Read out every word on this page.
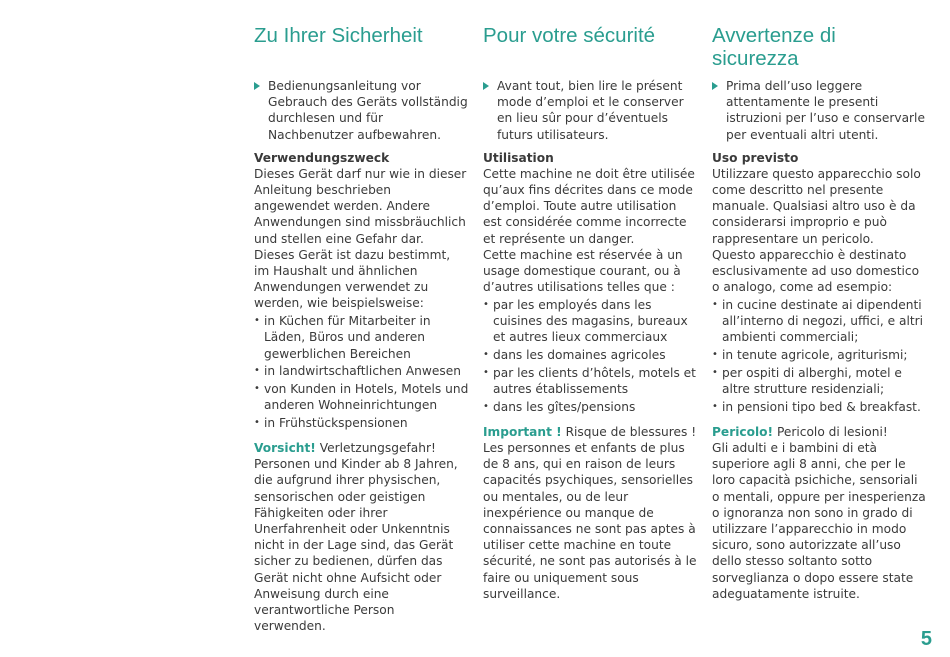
Zu Ihrer Sicherheit
Bedienungsanleitung vor Gebrauch des Geräts vollständig durchlesen und für Nachbenutzer aufbewahren.
Verwendungszweck
Dieses Gerät darf nur wie in dieser Anleitung beschrieben angewendet werden. Andere Anwendungen sind missbräuchlich und stellen eine Gefahr dar.
Dieses Gerät ist dazu bestimmt, im Haushalt und ähnlichen Anwendungen verwendet zu werden, wie beispielsweise:
• in Küchen für Mitarbeiter in Läden, Büros und anderen gewerblichen Bereichen
• in landwirtschaftlichen Anwesen
• von Kunden in Hotels, Motels und anderen Wohneinrichtungen
• in Frühstückspensionen
Vorsicht! Verletzungsgefahr!
Personen und Kinder ab 8 Jahren, die aufgrund ihrer physischen, sensorischen oder geistigen Fähigkeiten oder ihrer Unerfahrenheit oder Unkenntnis nicht in der Lage sind, das Gerät sicher zu bedienen, dürfen das Gerät nicht ohne Aufsicht oder Anweisung durch eine verantwortliche Person verwenden.
Pour votre sécurité
Avant tout, bien lire le présent mode d’emploi et le conserver en lieu sûr pour d’éventuels futurs utilisateurs.
Utilisation
Cette machine ne doit être utilisée qu’aux fins décrites dans ce mode d’emploi. Toute autre utilisation est considérée comme incorrecte et représente un danger.
Cette machine est réservée à un usage domestique courant, ou à d’autres utilisations telles que :
• par les employés dans les cuisines des magasins, bureaux et autres lieux commerciaux
• dans les domaines agricoles
• par les clients d’hôtels, motels et autres établissements
• dans les gîtes/pensions
Important ! Risque de blessures !
Les personnes et enfants de plus de 8 ans, qui en raison de leurs capacités psychiques, sensorielles ou mentales, ou de leur inexpérience ou manque de connaissances ne sont pas aptes à utiliser cette machine en toute sécurité, ne sont pas autorisés à le faire ou uniquement sous surveillance.
Avvertenze di sicurezza
Prima dell’uso leggere attentamente le presenti istruzioni per l’uso e conservarle per eventuali altri utenti.
Uso previsto
Utilizzare questo apparecchio solo come descritto nel presente manuale. Qualsiasi altro uso è da considerarsi improprio e può rappresentare un pericolo.
Questo apparecchio è destinato esclusivamente ad uso domestico o analogo, come ad esempio:
• in cucine destinate ai dipendenti all’interno di negozi, uffici, e altri ambienti commerciali;
• in tenute agricole, agriturismi;
• per ospiti di alberghi, motel e altre strutture residenziali;
• in pensioni tipo bed & breakfast.
Pericolo! Pericolo di lesioni!
Gli adulti e i bambini di età superiore agli 8 anni, che per le loro capacità psichiche, sensoriali o mentali, oppure per inesperienza o ignoranza non sono in grado di utilizzare l’apparecchio in modo sicuro, sono autorizzate all’uso dello stesso soltanto sotto sorveglianza o dopo essere state adeguatamente istruite.
5
